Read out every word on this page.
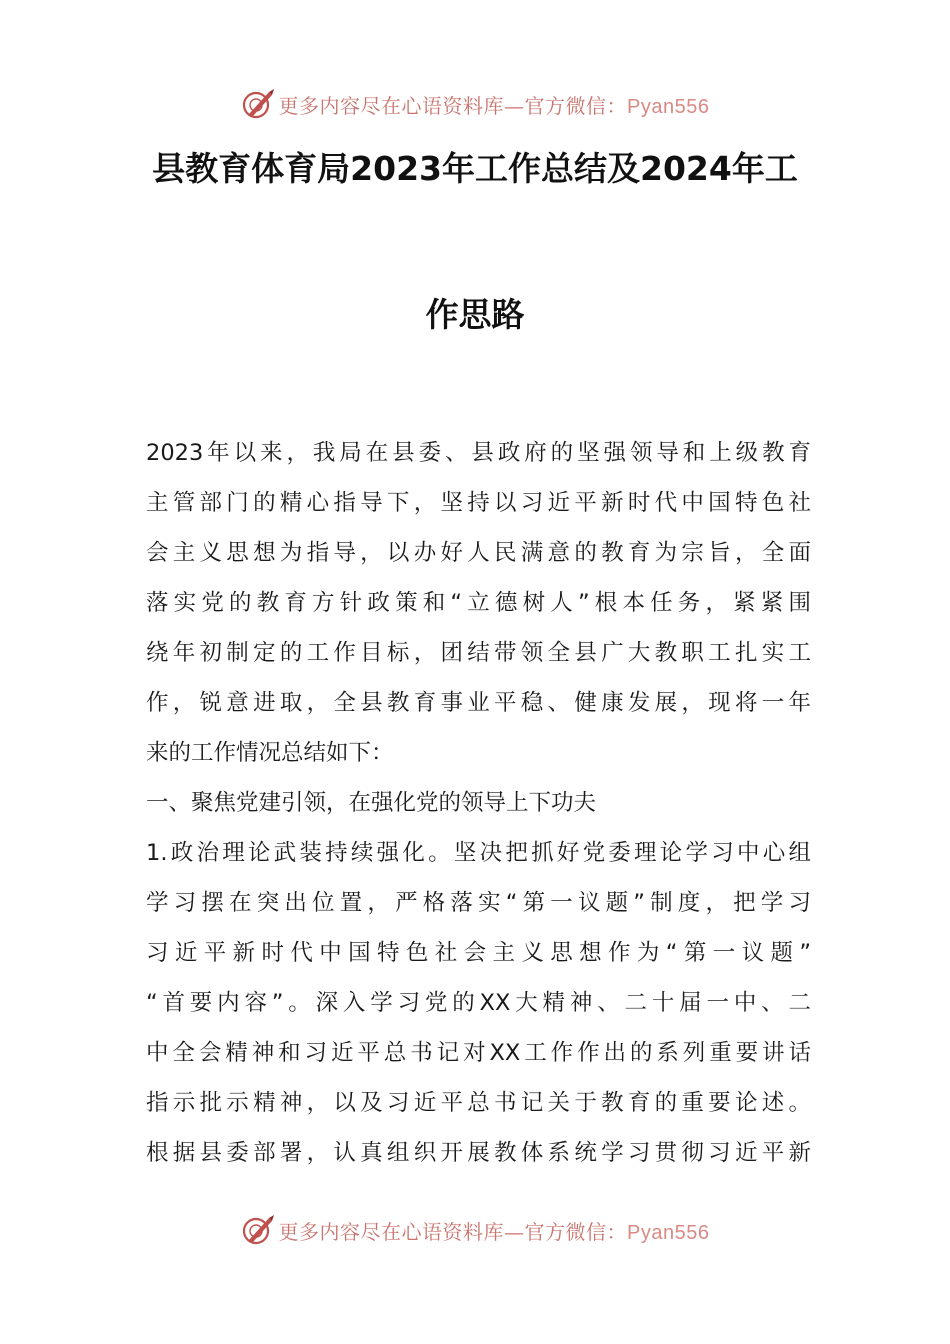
更多内容尽在心语资料库—官方微信：Pyan556
县教育体育局2023年工作总结及2024年工
作思路
2023年以来，我局在县委、县政府的坚强领导和上级教育
主管部门的精心指导下，坚持以习近平新时代中国特色社
会主义思想为指导，以办好人民满意的教育为宗旨，全面
落实党的教育方针政策和“立德树人”根本任务，紧紧围
绕年初制定的工作目标，团结带领全县广大教职工扎实工
作，锐意进取，全县教育事业平稳、健康发展，现将一年
来的工作情况总结如下：
一、聚焦党建引领，在强化党的领导上下功夫
1.政治理论武装持续强化。坚决把抓好党委理论学习中心组
学习摆在突出位置，严格落实“第一议题”制度，把学习
习近平新时代中国特色社会主义思想作为“第一议题”
“首要内容”。深入学习党的XX大精神、二十届一中、二
中全会精神和习近平总书记对XX工作作出的系列重要讲话
指示批示精神，以及习近平总书记关于教育的重要论述。
根据县委部署，认真组织开展教体系统学习贯彻习近平新
更多内容尽在心语资料库—官方微信：Pyan556
